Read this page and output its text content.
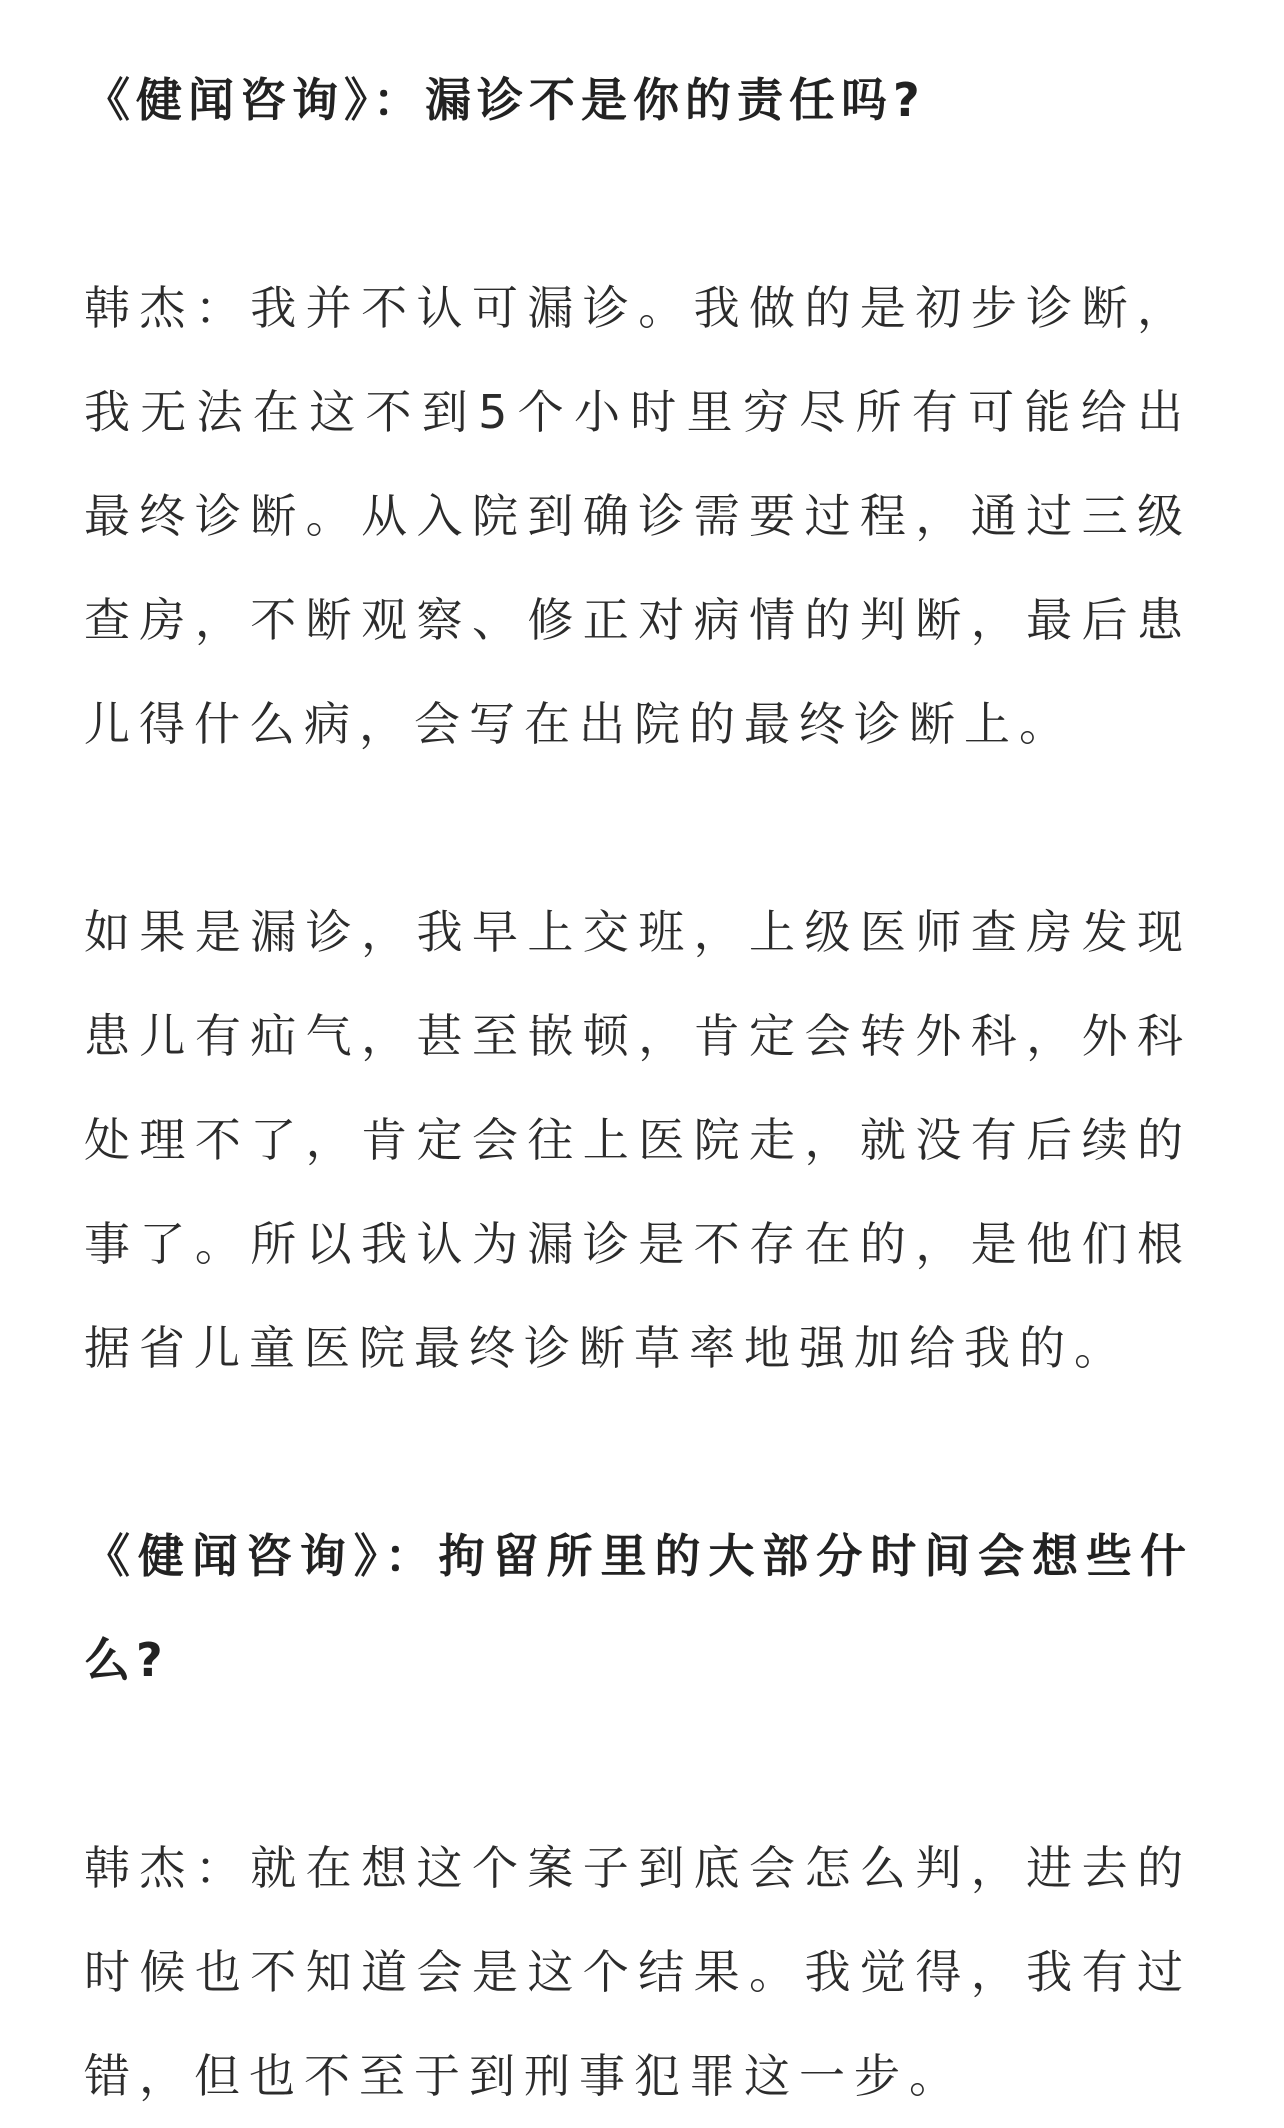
《健闻咨询》：漏诊不是你的责任吗?

韩杰：我并不认可漏诊。我做的是初步诊断，我无法在这不到5个小时里穷尽所有可能给出最终诊断。从入院到确诊需要过程，通过三级查房，不断观察、修正对病情的判断，最后患儿得什么病，会写在出院的最终诊断上。

如果是漏诊，我早上交班，上级医师查房发现患儿有疝气，甚至嵌顿，肯定会转外科，外科处理不了，肯定会往上医院走，就没有后续的事了。所以我认为漏诊是不存在的，是他们根据省儿童医院最终诊断草率地强加给我的。

《健闻咨询》：拘留所里的大部分时间会想些什么?

韩杰：就在想这个案子到底会怎么判，进去的时候也不知道会是这个结果。我觉得，我有过错，但也不至于到刑事犯罪这一步。
